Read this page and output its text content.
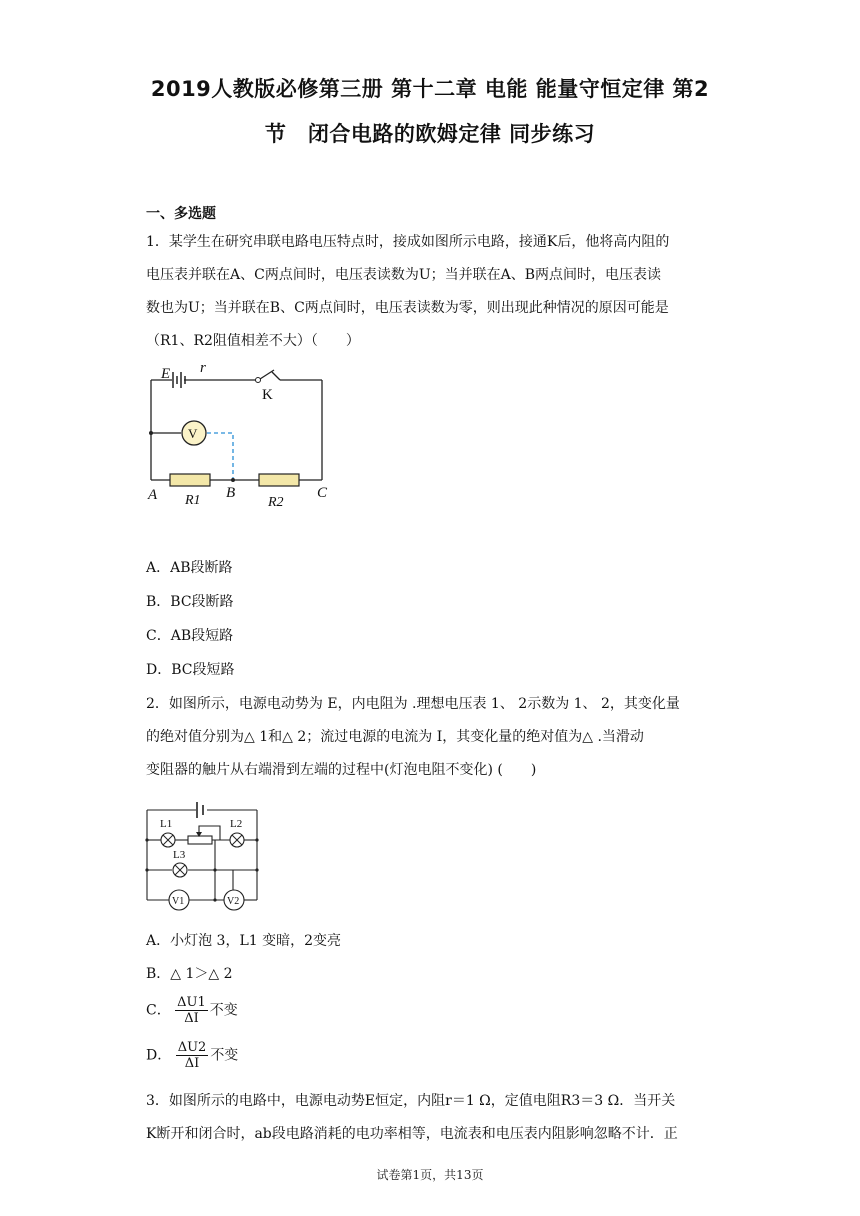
2019人教版必修第三册 第十二章 电能 能量守恒定律 第2
节　闭合电路的欧姆定律 同步练习
一、多选题
1．某学生在研究串联电路电压特点时，接成如图所示电路，接通K后，他将高内阻的
电压表并联在A、C两点间时，电压表读数为U；当并联在A、B两点间时，电压表读
数也为U；当并联在B、C两点间时，电压表读数为零，则出现此种情况的原因可能是
（R1、R2阻值相差不大）（　　）
E r
A	B	C
R1	R2
K
V
A．AB段断路
B．BC段断路
C．AB段短路
D．BC段短路
2．如图所示，电源电动势为 E，内电阻为 .理想电压表 1、 2示数为 1、 2，其变化量
的绝对值分别为△ 1和△ 2；流过电源的电流为 I，其变化量的绝对值为△ .当滑动
变阻器的触片从右端滑到左端的过程中(灯泡电阻不变化) (　　)
L1	L2
L3
V1	V2
A．小灯泡 3，L1 变暗，2变亮
B．△ 1＞△ 2
C． $\frac{\Delta U1}{\Delta I}$ 不变
D． $\frac{\Delta U2}{\Delta I}$ 不变
3．如图所示的电路中，电源电动势E恒定，内阻r＝1 Ω，定值电阻R3＝3 Ω．当开关
K断开和闭合时，ab段电路消耗的电功率相等，电流表和电压表内阻影响忽略不计．正
试卷第1页，共13页
